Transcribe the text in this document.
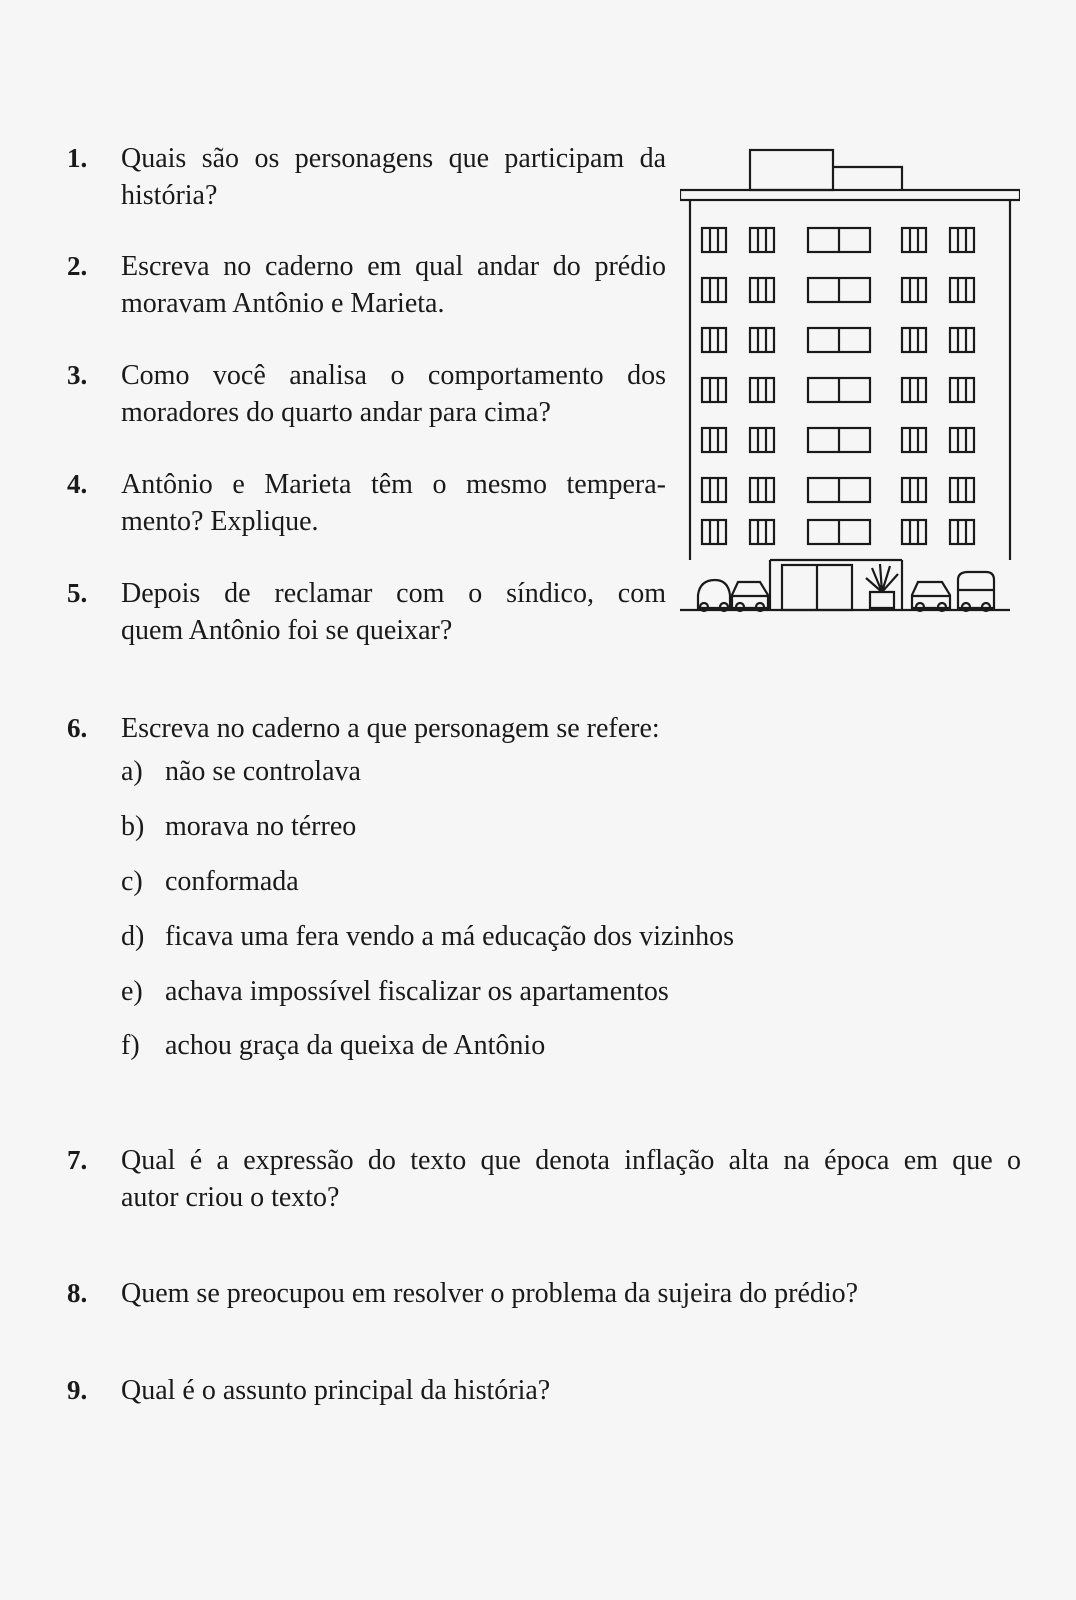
1. Quais são os personagens que participam da
história?
2. Escreva no caderno em qual andar do prédio
moravam Antônio e Marieta.
3. Como você analisa o comportamento dos
moradores do quarto andar para cima?
4. Antônio e Marieta têm o mesmo tempera-
mento? Explique.
5. Depois de reclamar com o síndico, com
quem Antônio foi se queixar?
6. Escreva no caderno a que personagem se refere:
a) não se controlava
b) morava no térreo
c) conformada
d) ficava uma fera vendo a má educação dos vizinhos
e) achava impossível fiscalizar os apartamentos
f) achou graça da queixa de Antônio
7. Qual é a expressão do texto que denota inflação alta na época em que o
autor criou o texto?
8. Quem se preocupou em resolver o problema da sujeira do prédio?
9. Qual é o assunto principal da história?
